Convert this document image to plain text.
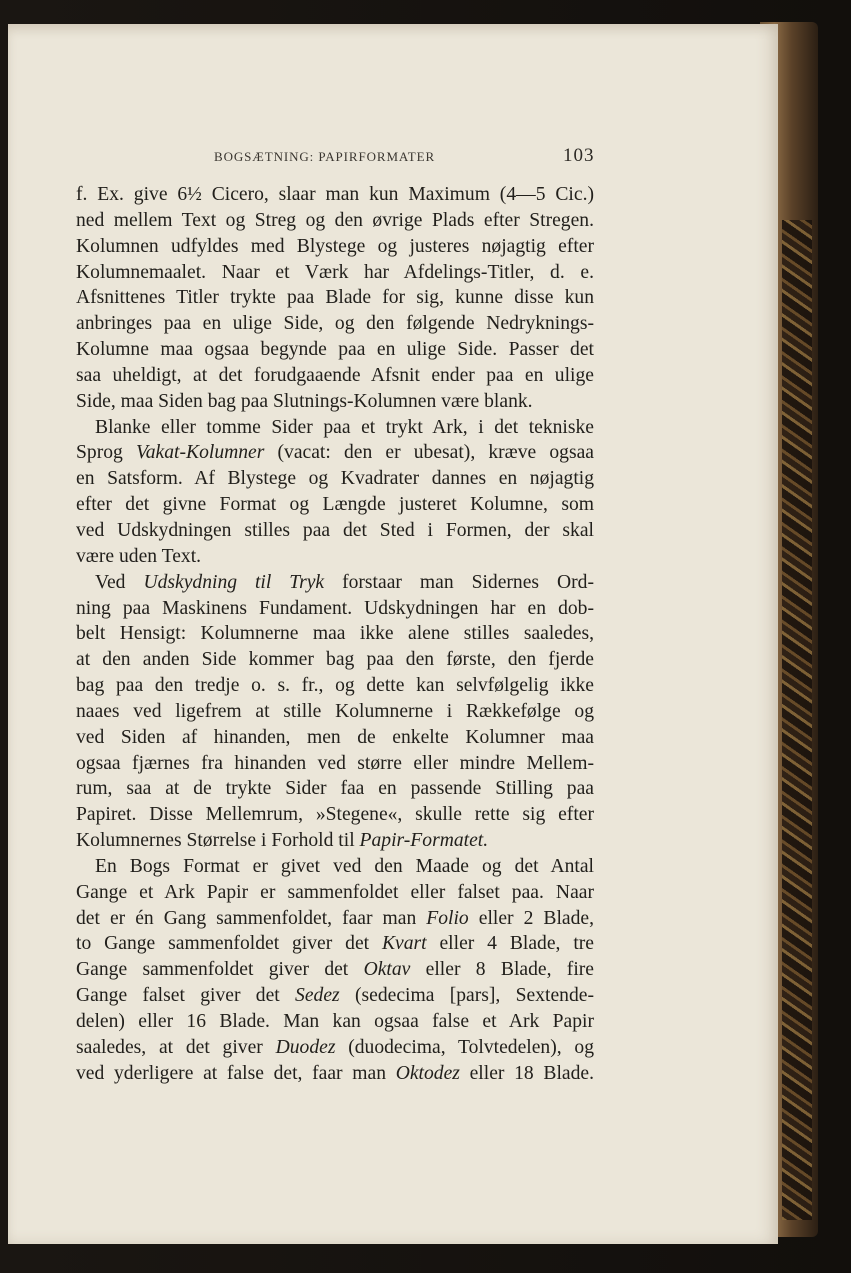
BOGSÆTNING: PAPIRFORMATER	103
f. Ex. give 6½ Cicero, slaar man kun Maximum (4—5 Cic.)
ned mellem Text og Streg og den øvrige Plads efter Stregen.
Kolumnen udfyldes med Blystege og justeres nøjagtig efter
Kolumnemaalet. Naar et Værk har Afdelings-Titler, d. e.
Afsnittenes Titler trykte paa Blade for sig, kunne disse kun
anbringes paa en ulige Side, og den følgende Nedryknings-
Kolumne maa ogsaa begynde paa en ulige Side. Passer det
saa uheldigt, at det forudgaaende Afsnit ender paa en ulige
Side, maa Siden bag paa Slutnings-Kolumnen være blank.
Blanke eller tomme Sider paa et trykt Ark, i det tekniske
Sprog Vakat-Kolumner (vacat: den er ubesat), kræve ogsaa
en Satsform. Af Blystege og Kvadrater dannes en nøjagtig
efter det givne Format og Længde justeret Kolumne, som
ved Udskydningen stilles paa det Sted i Formen, der skal
være uden Text.
Ved Udskydning til Tryk forstaar man Sidernes Ord-
ning paa Maskinens Fundament. Udskydningen har en dob-
belt Hensigt: Kolumnerne maa ikke alene stilles saaledes,
at den anden Side kommer bag paa den første, den fjerde
bag paa den tredje o. s. fr., og dette kan selvfølgelig ikke
naaes ved ligefrem at stille Kolumnerne i Rækkefølge og
ved Siden af hinanden, men de enkelte Kolumner maa
ogsaa fjærnes fra hinanden ved større eller mindre Mellem-
rum, saa at de trykte Sider faa en passende Stilling paa
Papiret. Disse Mellemrum, »Stegene«, skulle rette sig efter
Kolumnernes Størrelse i Forhold til Papir-Formatet.
En Bogs Format er givet ved den Maade og det Antal
Gange et Ark Papir er sammenfoldet eller falset paa. Naar
det er én Gang sammenfoldet, faar man Folio eller 2 Blade,
to Gange sammenfoldet giver det Kvart eller 4 Blade, tre
Gange sammenfoldet giver det Oktav eller 8 Blade, fire
Gange falset giver det Sedez (sedecima [pars], Sextende-
delen) eller 16 Blade. Man kan ogsaa false et Ark Papir
saaledes, at det giver Duodez (duodecima, Tolvtedelen), og
ved yderligere at false det, faar man Oktodez eller 18 Blade.
